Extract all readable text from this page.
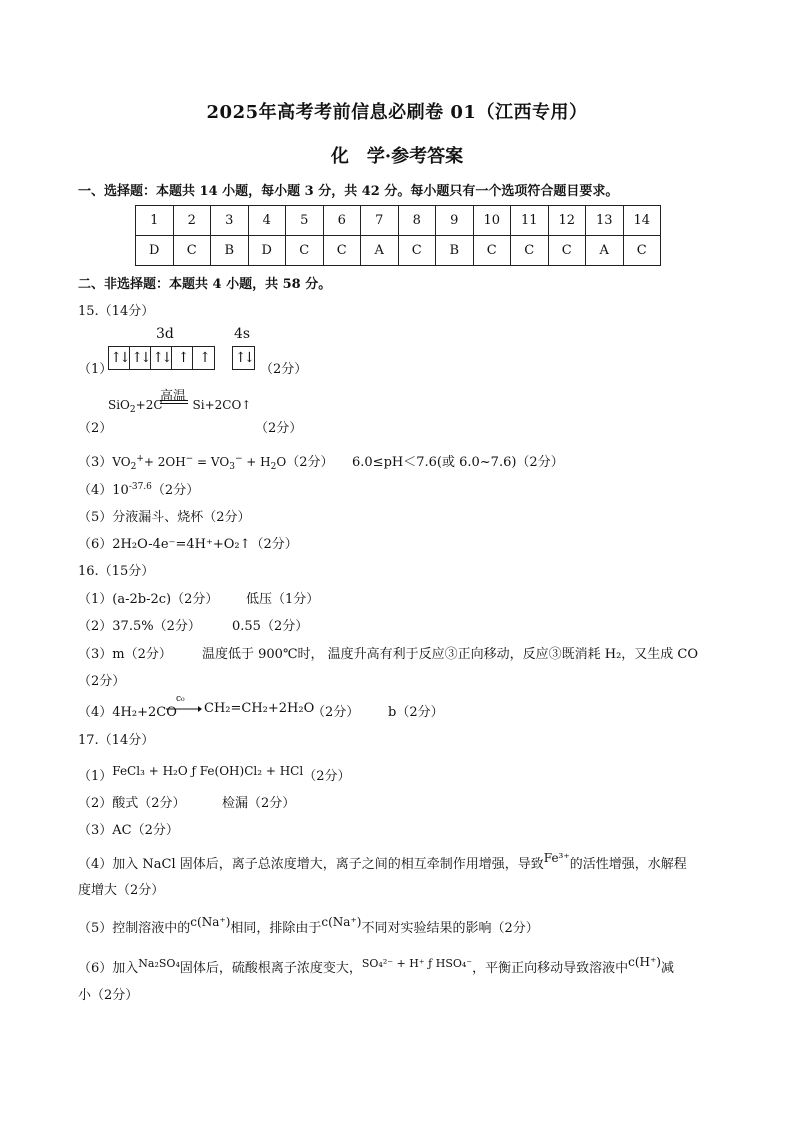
2025年高考考前信息必刷卷 01（江西专用）
化　学·参考答案
一、选择题：本题共 14 小题，每小题 3 分，共 42 分。每小题只有一个选项符合题目要求。
1	2	3	4	5	6	7	8	9	10	11	12	13	14
D	C	B	D	C	C	A	C	B	C	C	C	A	C
二、非选择题：本题共 4 小题，共 58 分。
15.（14分）
（1）
3d	4s
↑↓ ↑↓ ↑↓ ↑ ↑	↑↓
（2分）
高温
SiO$_2$+2C	Si+2CO↑
（2）	（2分）
$(3)VO_2^++ 2OH^- = VO_3^- + H_2O(2$分） 6.0≤pH＜7.6(或 6.0~7.6)（2分）
$(4)10^{-37.6}(2$分）
（5）分液漏斗、烧杯（2分）
（6）2H₂O-4e⁻=4H⁺+O₂↑（2分）
16.（15分）
（1）(a-2b-2c)（2分） 低压（1分）
（2）37.5%（2分） 0.55（2分）
（3）m（2分） 温度低于 900℃时， 温度升高有利于反应③正向移动，反应③既消耗 H₂，又生成 CO
（2分）
（4）4H₂+2CO
c₀
CH₂=CH₂+2H₂O
（2分） b（2分）
17.（14分）
（1）FeCl₃ + H₂O ƒ Fe(OH)Cl₂ + HCl（2分）
（2）酸式（2分）	检漏（2分）
（3）AC（2分）
（4）加入 NaCl 固体后，离子总浓度增大，离子之间的相互牵制作用增强，导致Fe³⁺的活性增强，水解程
度增大（2分）
（5）控制溶液中的c(Na⁺)相同，排除由于c(Na⁺)不同对实验结果的影响（2分）
（6）加入$^{Na_2SO_4}$固体后，硫酸根离子浓度变大，$^{SO_4^{2-} + H^+ ƒ HSO_4^-}$，平衡正向移动导致溶液中c(H⁺)减
小（2分）
